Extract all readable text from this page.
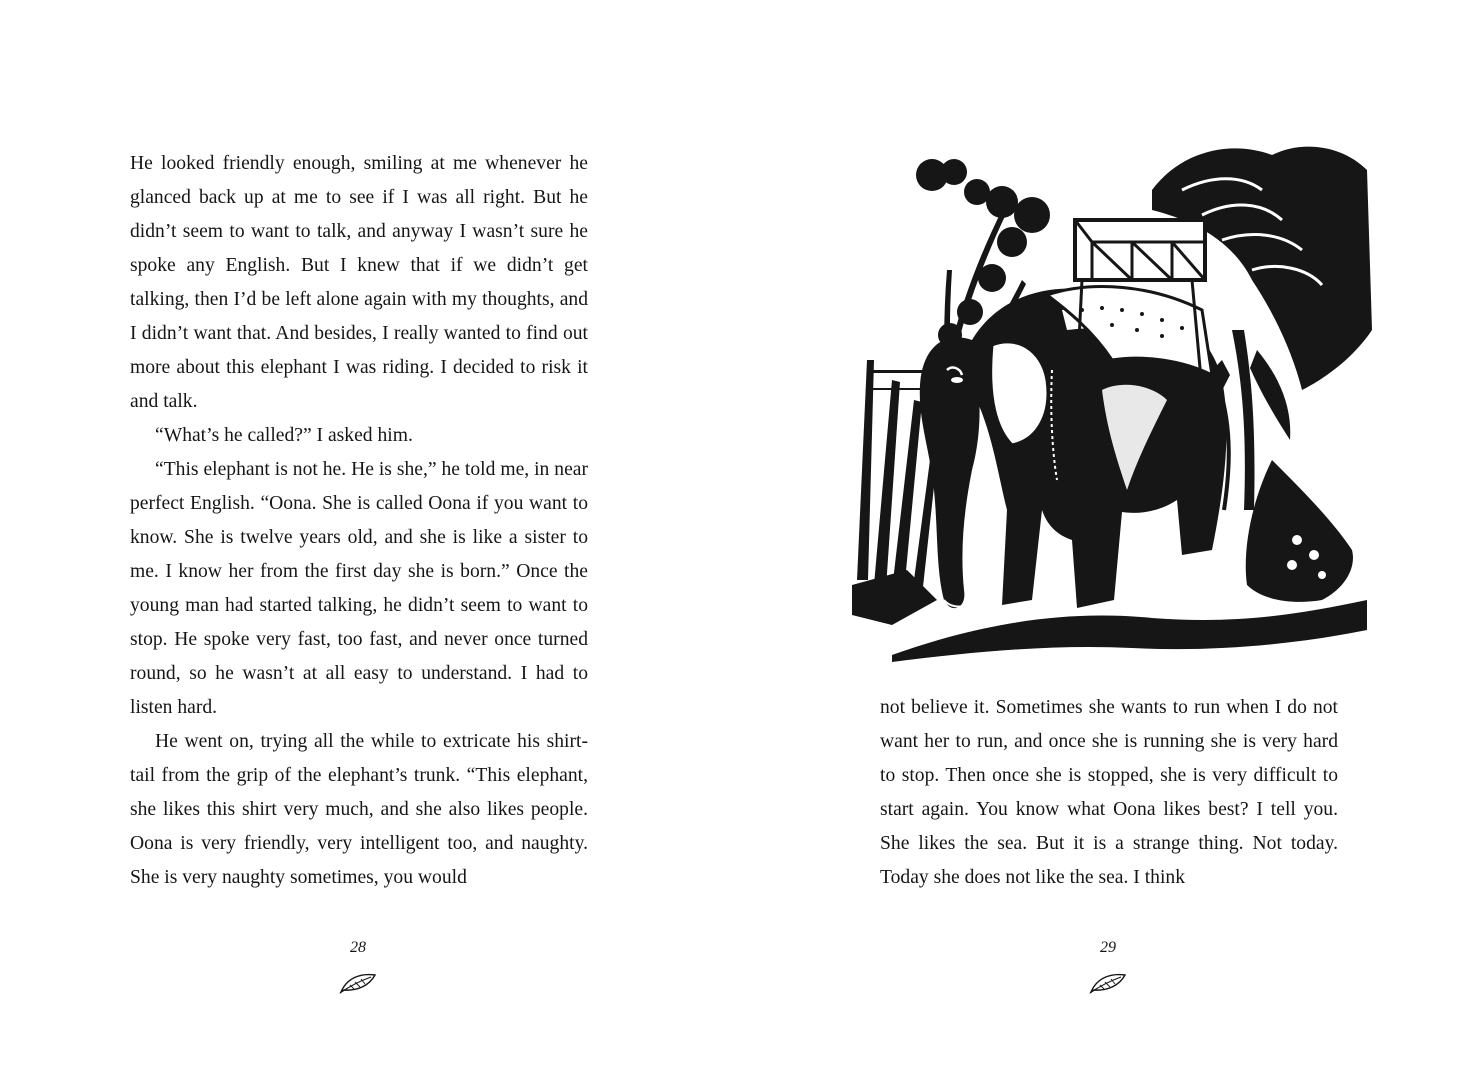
He looked friendly enough, smiling at me whenever he glanced back up at me to see if I was all right. But he didn’t seem to want to talk, and anyway I wasn’t sure he spoke any English. But I knew that if we didn’t get talking, then I’d be left alone again with my thoughts, and I didn’t want that. And besides, I really wanted to find out more about this elephant I was riding. I decided to risk it and talk.

“What’s he called?” I asked him.

“This elephant is not he. He is she,” he told me, in near perfect English. “Oona. She is called Oona if you want to know. She is twelve years old, and she is like a sister to me. I know her from the first day she is born.” Once the young man had started talking, he didn’t seem to want to stop. He spoke very fast, too fast, and never once turned round, so he wasn’t at all easy to understand. I had to listen hard.

He went on, trying all the while to extricate his shirt-tail from the grip of the elephant’s trunk. “This elephant, she likes this shirt very much, and she also likes people. Oona is very friendly, very intelligent too, and naughty. She is very naughty sometimes, you would

28

not believe it. Sometimes she wants to run when I do not want her to run, and once she is running she is very hard to stop. Then once she is stopped, she is very difficult to start again. You know what Oona likes best? I tell you. She likes the sea. But it is a strange thing. Not today. Today she does not like the sea. I think

29
